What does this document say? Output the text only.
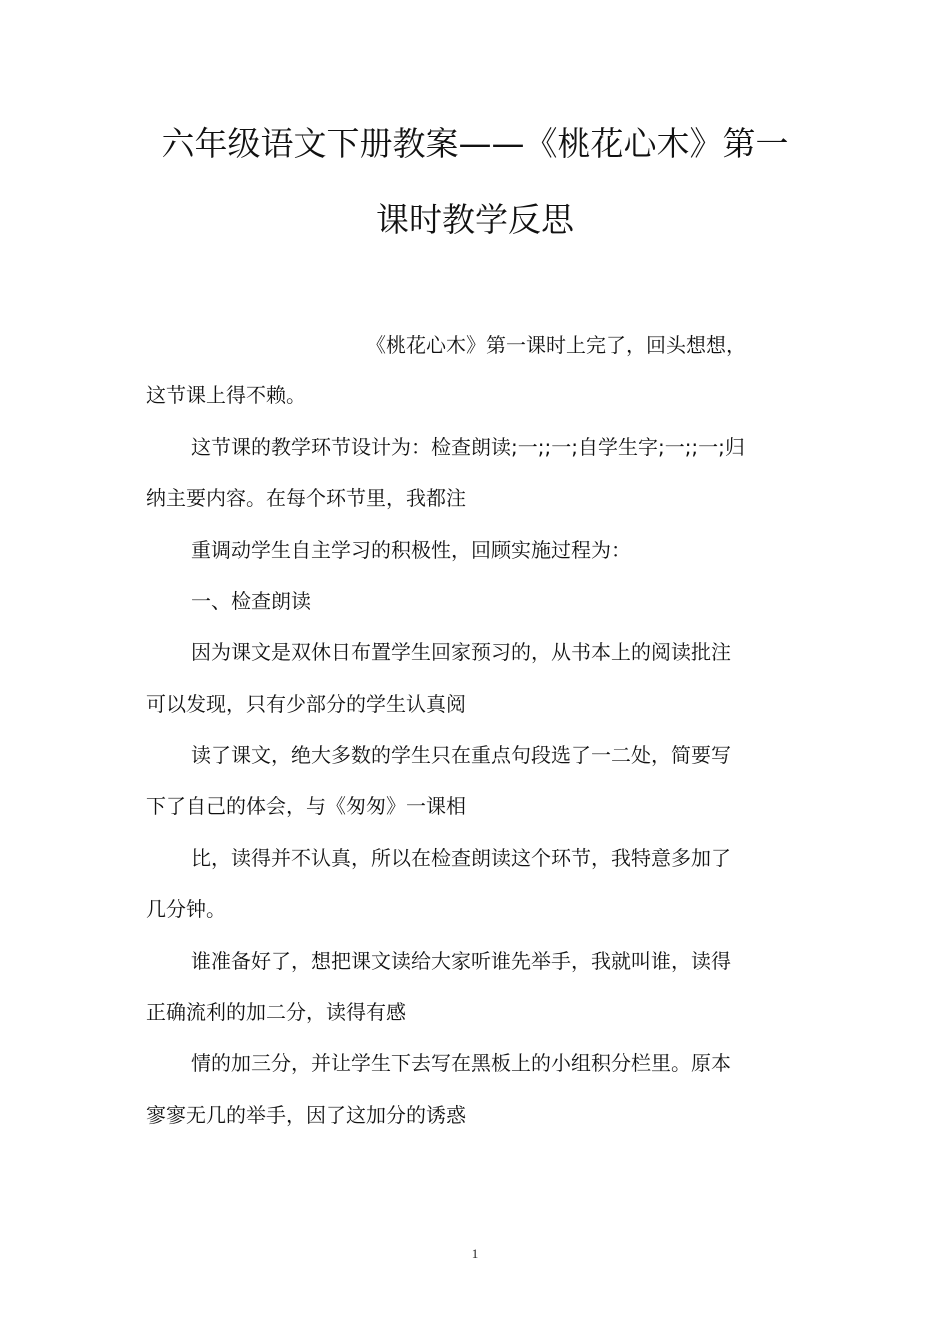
六年级语文下册教案——《桃花心木》第一
课时教学反思
《桃花心木》第一课时上完了，回头想想，
这节课上得不赖。
这节课的教学环节设计为：检查朗读;一;;一;自学生字;一;;一;归
纳主要内容。在每个环节里，我都注
重调动学生自主学习的积极性，回顾实施过程为：
一、检查朗读
因为课文是双休日布置学生回家预习的，从书本上的阅读批注
可以发现，只有少部分的学生认真阅
读了课文，绝大多数的学生只在重点句段选了一二处，简要写
下了自己的体会，与《匆匆》一课相
比，读得并不认真，所以在检查朗读这个环节，我特意多加了
几分钟。
谁准备好了，想把课文读给大家听谁先举手，我就叫谁，读得
正确流利的加二分，读得有感
情的加三分，并让学生下去写在黑板上的小组积分栏里。原本
寥寥无几的举手，因了这加分的诱惑
1
